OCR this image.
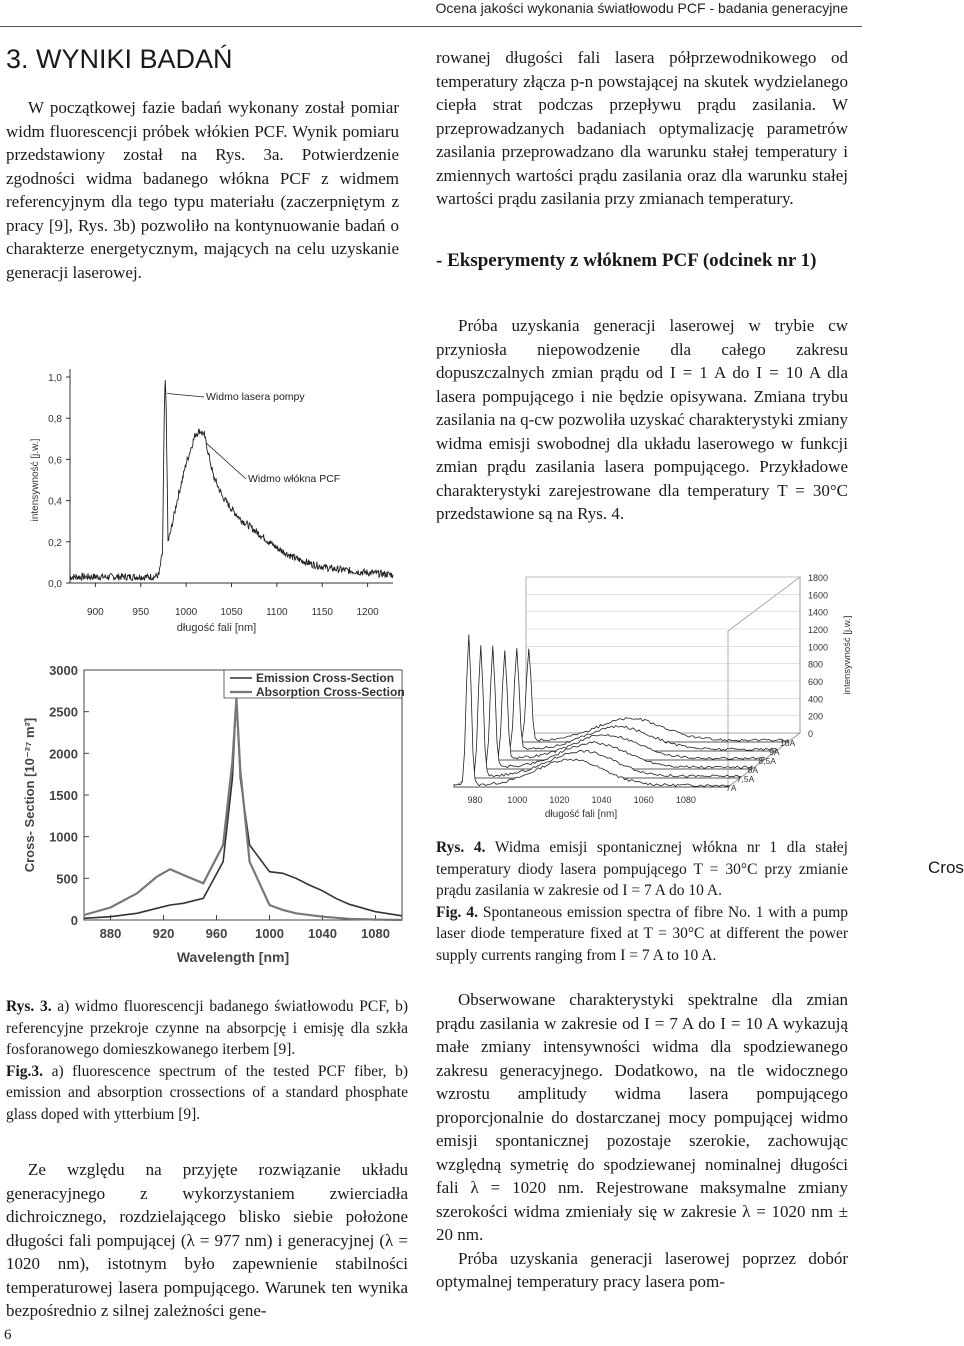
Ocena jakości wykonania światłowodu PCF - badania generacyjne
3. WYNIKI BADAŃ

W początkowej fazie badań wykonany został pomiar widm fluorescencji próbek włókien PCF. Wynik pomiaru przedstawiony został na Rys. 3a. Potwierdzenie zgodności widma badanego włókna PCF z widmem referencyjnym dla tego typu materiału (zaczerpniętym z pracy [9], Rys. 3b) pozwoliło na kontynuowanie badań o charakterze energetycznym, mających na celu uzyskanie generacji laserowej.

rowanej długości fali lasera półprzewodnikowego od temperatury złącza p-n powstającej na skutek wydzielanego ciepła strat podczas przepływu prądu zasilania. W przeprowadzanych badaniach optymalizację parametrów zasilania przeprowadzano dla warunku stałej temperatury i zmiennych wartości prądu zasilania oraz dla warunku stałej wartości prądu zasilania przy zmianach temperatury.

- Eksperymenty z włóknem PCF (odcinek nr 1)

Próba uzyskania generacji laserowej w trybie cw przyniosła niepowodzenie dla całego zakresu dopuszczalnych zmian prądu od I = 1 A do I = 10 A dla lasera pompującego i nie będzie opisywana. Zmiana trybu zasilania na q-cw pozwoliła uzyskać charakterystyki zmiany widma emisji swobodnej dla układu laserowego w funkcji zmian prądu zasilania lasera pompującego. Przykładowe charakterystyki zarejestrowane dla temperatury T = 30°C przedstawione są na Rys. 4.

0,0
0,2
0,4
0,6
0,8
1,0
900	950	1000 1050 1100 1150 1200
długość fali [nm]
intensywność [j.w.]
Widmo lasera pompy
Widmo włókna PCF
0
500
1000
1500
2000
2500
3000
880 920 960 1000 1040 1080
Wavelength [nm]
Cross- Section [10⁻²⁷ m²]
Emission Cross-Section
Absorption Cross-Section
0
200
400
600
800
1000
1200
1400
1600
1800
intensywność [j.w.]
980	1000 1020 1040 1060 1080
długość fali [nm]
10A
9A
8,5A
8A
7,5A
7A
Rys. 4. Widma emisji spontanicznej włókna nr 1 dla stałej temperatury diody lasera pompującego T = 30°C przy zmianie prądu zasilania w zakresie od I = 7 A do 10 A.
Fig. 4. Spontaneous emission spectra of fibre No. 1 with a pump laser diode temperature fixed at T = 30°C at different the power supply currents ranging from I = 7 A to 10 A.
Cros
Rys. 3. a) widmo fluorescencji badanego światłowodu PCF, b) referencyjne przekroje czynne na absorpcję i emisję dla szkła fosforanowego domieszkowanego iterbem [9].
Fig.3. a) fluorescence spectrum of the tested PCF fiber, b) emission and absorption crossections of a standard phosphate glass doped with ytterbium [9].

Ze względu na przyjęte rozwiązanie układu generacyjnego z wykorzystaniem zwierciadła dichroicznego, rozdzielającego blisko siebie położone długości fali pompującej (λ = 977 nm) i generacyjnej (λ = 1020 nm), istotnym było zapewnienie stabilności temperaturowej lasera pompującego. Warunek ten wynika bezpośrednio z silnej zależności gene-

Obserwowane charakterystyki spektralne dla zmian prądu zasilania w zakresie od I = 7 A do I = 10 A wykazują małe zmiany intensywności widma dla spodziewanego zakresu generacyjnego. Dodatkowo, na tle widocznego wzrostu amplitudy widma lasera pompującego proporcjonalnie do dostarczanej mocy pompującej widmo emisji spontanicznej pozostaje szerokie, zachowując względną symetrię do spodziewanej nominalnej długości fali λ = 1020 nm. Rejestrowane maksymalne zmiany szerokości widma zmieniały się w zakresie λ = 1020 nm ± 20 nm.

Próba uzyskania generacji laserowej poprzez dobór optymalnej temperatury pracy lasera pom-

6
